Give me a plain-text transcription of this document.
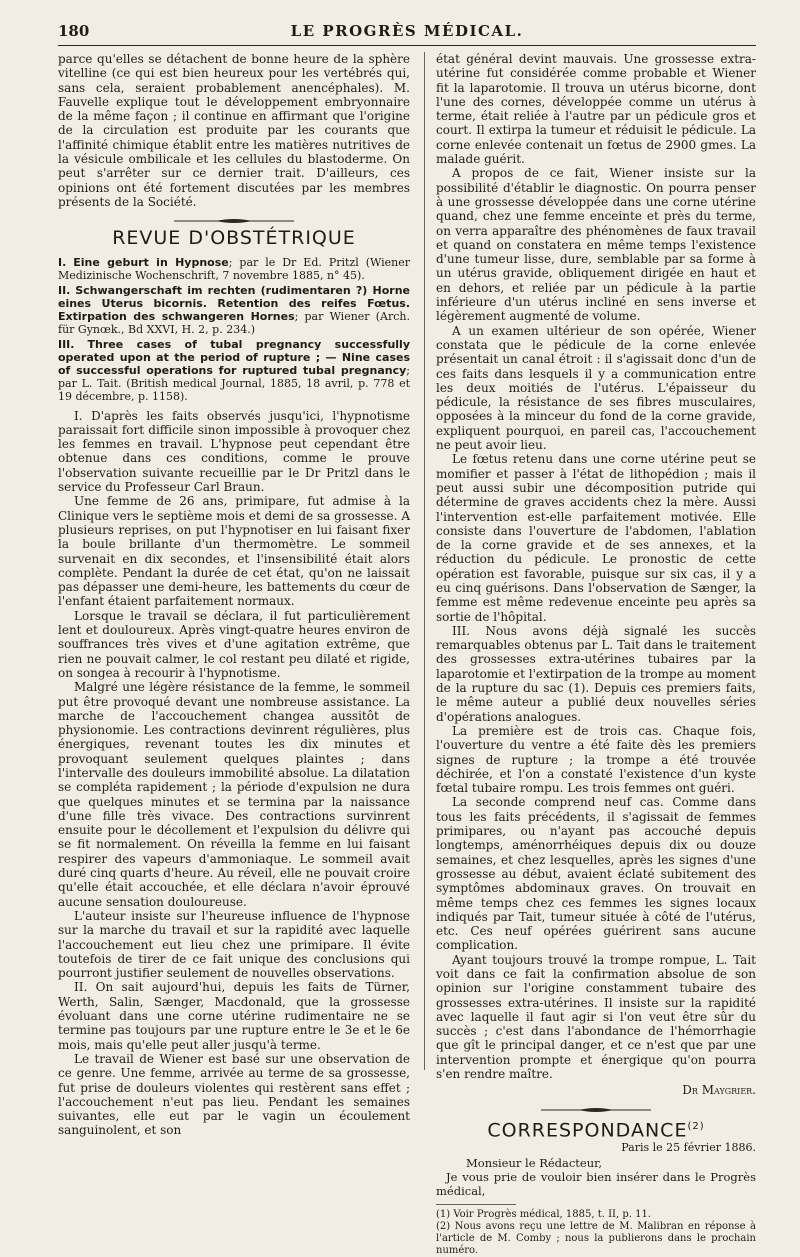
180	LE PROGRÈS MÉDICAL.

parce qu'elles se détachent de bonne heure de la sphère vitelline (ce qui est bien heureux pour les vertébrés qui, sans cela, seraient probablement anencéphales). M. Fauvelle explique tout le développement embryonnaire de la même façon ; il continue en affirmant que l'origine de la circulation est produite par les courants que l'affinité chimique établit entre les matières nutritives de la vésicule ombilicale et les cellules du blastoderme. On peut s'arrêter sur ce dernier trait. D'ailleurs, ces opinions ont été fortement discutées par les membres présents de la Société.

REVUE D'OBSTÉTRIQUE

I. Eine geburt in Hypnose; par le Dr Ed. Pritzl (Wiener Medizinische Wochenschrift, 7 novembre 1885, n° 45).

II. Schwangerschaft im rechten (rudimentaren ?) Horne eines Uterus bicornis. Retention des reifes Fœtus. Extirpation des schwangeren Hornes; par Wiener (Arch. für Gynœk., Bd XXVI, H. 2, p. 234.)

III. Three cases of tubal pregnancy successfully operated upon at the period of rupture ; — Nine cases of successful operations for ruptured tubal pregnancy; par L. Tait. (British medical Journal, 1885, 18 avril, p. 778 et 19 décembre, p. 1158).

I. D'après les faits observés jusqu'ici, l'hypnotisme paraissait fort difficile sinon impossible à provoquer chez les femmes en travail. L'hypnose peut cependant être obtenue dans ces conditions, comme le prouve l'observation suivante recueillie par le Dr Pritzl dans le service du Professeur Carl Braun.

Une femme de 26 ans, primipare, fut admise à la Clinique vers le septième mois et demi de sa grossesse. A plusieurs reprises, on put l'hypnotiser en lui faisant fixer la boule brillante d'un thermomètre. Le sommeil survenait en dix secondes, et l'insensibilité était alors complète. Pendant la durée de cet état, qu'on ne laissait pas dépasser une demi-heure, les battements du cœur de l'enfant étaient parfaitement normaux.

Lorsque le travail se déclara, il fut particulièrement lent et douloureux. Après vingt-quatre heures environ de souffrances très vives et d'une agitation extrême, que rien ne pouvait calmer, le col restant peu dilaté et rigide, on songea à recourir à l'hypnotisme.

Malgré une légère résistance de la femme, le sommeil put être provoqué devant une nombreuse assistance. La marche de l'accouchement changea aussitôt de physionomie. Les contractions devinrent régulières, plus énergiques, revenant toutes les dix minutes et provoquant seulement quelques plaintes ; dans l'intervalle des douleurs immobilité absolue. La dilatation se compléta rapidement ; la période d'expulsion ne dura que quelques minutes et se termina par la naissance d'une fille très vivace. Des contractions survinrent ensuite pour le décollement et l'expulsion du délivre qui se fit normalement. On réveilla la femme en lui faisant respirer des vapeurs d'ammoniaque. Le sommeil avait duré cinq quarts d'heure. Au réveil, elle ne pouvait croire qu'elle était accouchée, et elle déclara n'avoir éprouvé aucune sensation douloureuse.

L'auteur insiste sur l'heureuse influence de l'hypnose sur la marche du travail et sur la rapidité avec laquelle l'accouchement eut lieu chez une primipare. Il évite toutefois de tirer de ce fait unique des conclusions qui pourront justifier seulement de nouvelles observations.

II. On sait aujourd'hui, depuis les faits de Türner, Werth, Salin, Sænger, Macdonald, que la grossesse évoluant dans une corne utérine rudimentaire ne se termine pas toujours par une rupture entre le 3e et le 6e mois, mais qu'elle peut aller jusqu'à terme.

Le travail de Wiener est basé sur une observation de ce genre. Une femme, arrivée au terme de sa grossesse, fut prise de douleurs violentes qui restèrent sans effet ; l'accouchement n'eut pas lieu. Pendant les semaines suivantes, elle eut par le vagin un écoulement sanguinolent, et son

état général devint mauvais. Une grossesse extra-utérine fut considérée comme probable et Wiener fit la laparotomie. Il trouva un utérus bicorne, dont l'une des cornes, développée comme un utérus à terme, était reliée à l'autre par un pédicule gros et court. Il extirpa la tumeur et réduisit le pédicule. La corne enlevée contenait un fœtus de 2900 gmes. La malade guérit.

A propos de ce fait, Wiener insiste sur la possibilité d'établir le diagnostic. On pourra penser à une grossesse développée dans une corne utérine quand, chez une femme enceinte et près du terme, on verra apparaître des phénomènes de faux travail et quand on constatera en même temps l'existence d'une tumeur lisse, dure, semblable par sa forme à un utérus gravide, obliquement dirigée en haut et en dehors, et reliée par un pédicule à la partie inférieure d'un utérus incliné en sens inverse et légèrement augmenté de volume.

A un examen ultérieur de son opérée, Wiener constata que le pédicule de la corne enlevée présentait un canal étroit : il s'agissait donc d'un de ces faits dans lesquels il y a communication entre les deux moitiés de l'utérus. L'épaisseur du pédicule, la résistance de ses fibres musculaires, opposées à la minceur du fond de la corne gravide, expliquent pourquoi, en pareil cas, l'accouchement ne peut avoir lieu.

Le fœtus retenu dans une corne utérine peut se momifier et passer à l'état de lithopédion ; mais il peut aussi subir une décomposition putride qui détermine de graves accidents chez la mère. Aussi l'intervention est-elle parfaitement motivée. Elle consiste dans l'ouverture de l'abdomen, l'ablation de la corne gravide et de ses annexes, et la réduction du pédicule. Le pronostic de cette opération est favorable, puisque sur six cas, il y a eu cinq guérisons. Dans l'observation de Sænger, la femme est même redevenue enceinte peu après sa sortie de l'hôpital.

III. Nous avons déjà signalé les succès remarquables obtenus par L. Tait dans le traitement des grossesses extra-utérines tubaires par la laparotomie et l'extirpation de la trompe au moment de la rupture du sac (1). Depuis ces premiers faits, le même auteur a publié deux nouvelles séries d'opérations analogues.

La première est de trois cas. Chaque fois, l'ouverture du ventre a été faite dès les premiers signes de rupture ; la trompe a été trouvée déchirée, et l'on a constaté l'existence d'un kyste fœtal tubaire rompu. Les trois femmes ont guéri.

La seconde comprend neuf cas. Comme dans tous les faits précédents, il s'agissait de femmes primipares, ou n'ayant pas accouché depuis longtemps, aménorrhéiques depuis dix ou douze semaines, et chez lesquelles, après les signes d'une grossesse au début, avaient éclaté subitement des symptômes abdominaux graves. On trouvait en même temps chez ces femmes les signes locaux indiqués par Tait, tumeur située à côté de l'utérus, etc. Ces neuf opérées guérirent sans aucune complication.

Ayant toujours trouvé la trompe rompue, L. Tait voit dans ce fait la confirmation absolue de son opinion sur l'origine constamment tubaire des grossesses extra-utérines. Il insiste sur la rapidité avec laquelle il faut agir si l'on veut être sûr du succès ; c'est dans l'abondance de l'hémorrhagie que gît le principal danger, et ce n'est que par une intervention prompte et énergique qu'on pourra s'en rendre maître.

Dr Maygrier.

CORRESPONDANCE$^{(2)}$

Paris le 25 février 1886.

Monsieur le Rédacteur,

Je vous prie de vouloir bien insérer dans le Progrès médical,

(1) Voir Progrès médical, 1885, t. II, p. 11.

(2) Nous avons reçu une lettre de M. Malibran en réponse à l'article de M. Comby ; nous la publierons dans le prochain numéro.
